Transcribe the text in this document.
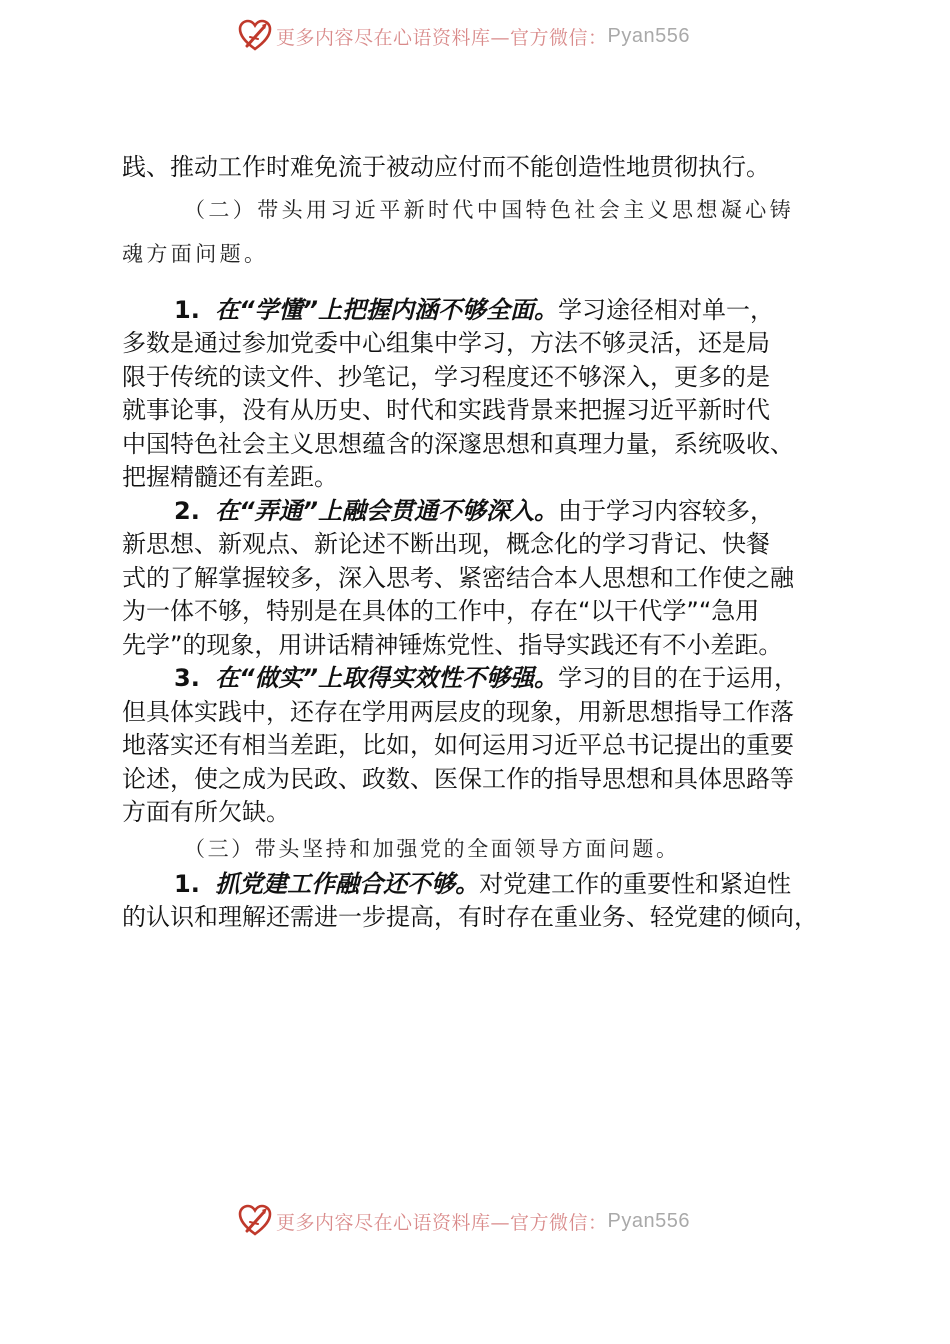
更多内容尽在心语资料库—官方微信： Pyan556

践、推动工作时难免流于被动应付而不能创造性地贯彻执行。

（二）带头用习近平新时代中国特色社会主义思想凝心铸

魂方面问题。

1. 在“学懂”上把握内涵不够全面。学习途径相对单一，

多数是通过参加党委中心组集中学习，方法不够灵活，还是局

限于传统的读文件、抄笔记，学习程度还不够深入，更多的是

就事论事，没有从历史、时代和实践背景来把握习近平新时代

中国特色社会主义思想蕴含的深邃思想和真理力量，系统吸收、

把握精髓还有差距。

2. 在“弄通”上融会贯通不够深入。由于学习内容较多，

新思想、新观点、新论述不断出现，概念化的学习背记、快餐

式的了解掌握较多，深入思考、紧密结合本人思想和工作使之融

为一体不够，特别是在具体的工作中，存在“以干代学”“急用

先学”的现象，用讲话精神锤炼党性、指导实践还有不小差距。

3. 在“做实”上取得实效性不够强。学习的目的在于运用，

但具体实践中，还存在学用两层皮的现象，用新思想指导工作落

地落实还有相当差距，比如，如何运用习近平总书记提出的重要

论述，使之成为民政、政数、医保工作的指导思想和具体思路等

方面有所欠缺。

（三）带头坚持和加强党的全面领导方面问题。

1. 抓党建工作融合还不够。对党建工作的重要性和紧迫性

的认识和理解还需进一步提高，有时存在重业务、轻党建的倾向，

更多内容尽在心语资料库—官方微信： Pyan556
